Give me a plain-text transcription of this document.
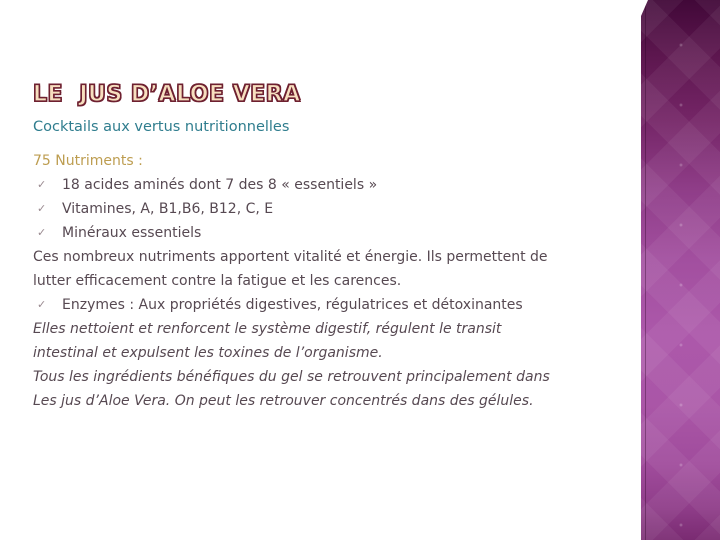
LE  JUS D’ALOE VERA
Cocktails aux vertus nutritionnelles
75 Nutriments :
✓	18 acides aminés dont 7 des 8 « essentiels »
✓	Vitamines, A, B1,B6, B12, C, E
✓	Minéraux essentiels
Ces nombreux nutriments apportent vitalité et énergie. Ils permettent de
lutter efficacement contre la fatigue et les carences.
✓	Enzymes : Aux propriétés digestives, régulatrices et détoxinantes
Elles nettoient et renforcent le système digestif, régulent le transit
intestinal et expulsent les toxines de l’organisme.
Tous les ingrédients bénéfiques du gel se retrouvent principalement dans
Les jus d’Aloe Vera. On peut les retrouver concentrés dans des gélules.
